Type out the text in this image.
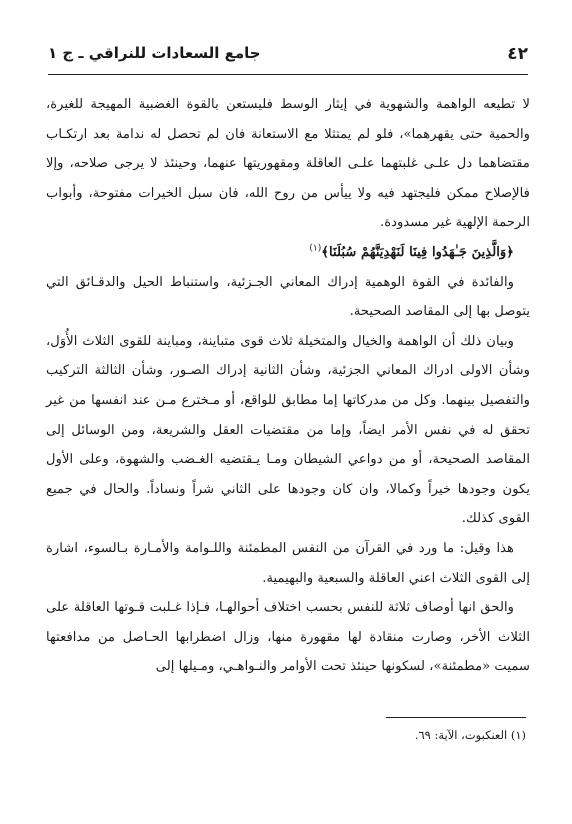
٤٢
جامع السعادات للنراقي ـ ج ١

لا تطيعه الواهمة والشهوية في إيثار الوسط فليستعن بالقوة الغضبية المهيجة للغيرة، والحمية حتى يقهرهما»، فلو لم يمتثلا مع الاستعانة فان لم تحصل له ندامة بعد ارتكـاب مقتضاهما دل علـى غلبتهما علـى العاقلة ومقهوريتها عنهما، وحينئذ لا يرجى صلاحه، وإلا فالإصلاح ممكن فليجتهد فيه ولا ييأس من روح الله، فان سبل الخيرات مفتوحة، وأبواب الرحمة الإلهية غير مسدودة.

﴿وَالَّذِينَ جَـٰهَدُوا فِينَا لَنَهْدِيَنَّهُمْ سُبُلَنَا﴾$^{(١)}$

والفائدة في القوة الوهمية إدراك المعاني الجـزئية، واستنباط الحيل والدقـائق التي يتوصل بها إلى المقاصد الصحيحة.

وبيان ذلك أن الواهمة والخيال والمتخيلة ثلاث قوى متباينة، ومباينة للقوى الثلاث الأُوَل، وشأن الاولى ادراك المعاني الجزئية، وشأن الثانية إدراك الصـور، وشأن الثالثة التركيب والتفصيل بينهما. وكل من مدركاتها إما مطابق للواقع، أو مـخترع مـن عند انفسها من غير تحقق له في نفس الأمر ايضاً، وإما من مقتضيات العقل والشريعة، ومن الوسائل إلى المقاصد الصحيحة، أو من دواعي الشيطان ومـا يـقتضيه الغـضب والشهوة، وعلى الأول يكون وجودها خيراً وكمالا، وان كان وجودها على الثاني شراً ونساداً. والحال في جميع القوى كذلك.

هذا وقيل: ما ورد في القرآن من النفس المطمئنة واللـوامة والأمـارة بـالسوء، اشارة إلى القوى الثلاث اعني العاقلة والسبعية والبهيمية.

والحق انها أوصاف ثلاثة للنفس بحسب اختلاف أحوالهـا، فـإذا غـلبت قـوتها العاقلة على الثلاث الأخر، وصارت منقادة لها مقهورة منها، وزال اضطرابها الحـاصل من مدافعتها سميت «مطمئنة»، لسكونها حينئذ تحت الأوامر والنـواهـي، ومـيلها إلى

(١) العنكبوت، الآية: ٦٩.
